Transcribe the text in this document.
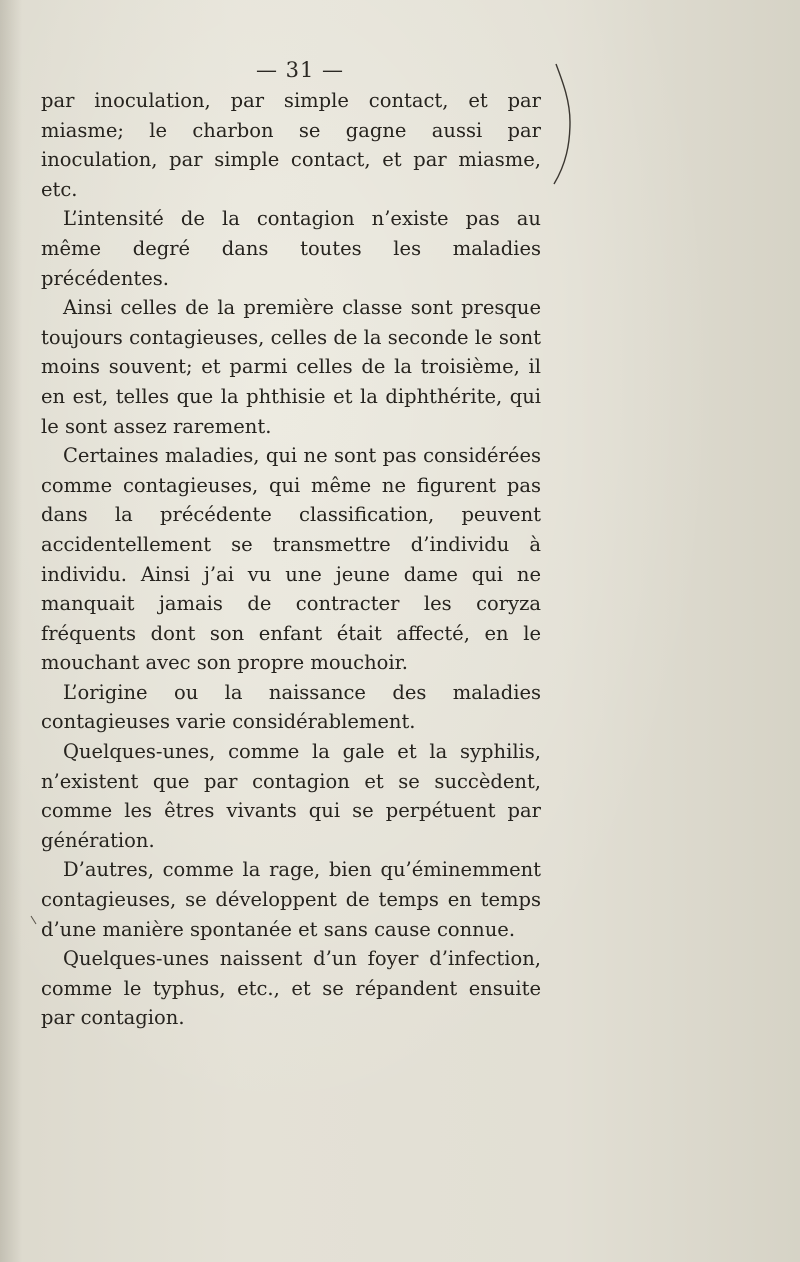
— 31 —

par inoculation, par simple contact, et par miasme; le charbon se gagne aussi par inoculation, par simple contact, et par miasme, etc.

L’intensité de la contagion n’existe pas au même degré dans toutes les maladies précédentes.

Ainsi celles de la première classe sont presque toujours contagieuses, celles de la seconde le sont moins souvent; et parmi celles de la troisième, il en est, telles que la phthisie et la diphthérite, qui le sont assez rarement.

Certaines maladies, qui ne sont pas considérées comme contagieuses, qui même ne figurent pas dans la précédente classification, peuvent accidentellement se transmettre d’individu à individu. Ainsi j’ai vu une jeune dame qui ne manquait jamais de contracter les coryza fréquents dont son enfant était affecté, en le mouchant avec son propre mouchoir.

L’origine ou la naissance des maladies contagieuses varie considérablement.

Quelques-unes, comme la gale et la syphilis, n’existent que par contagion et se succèdent, comme les êtres vivants qui se perpétuent par génération.

D’autres, comme la rage, bien qu’éminemment contagieuses, se développent de temps en temps d’une manière spontanée et sans cause connue.

Quelques-unes naissent d’un foyer d’infection, comme le typhus, etc., et se répandent ensuite par contagion.
